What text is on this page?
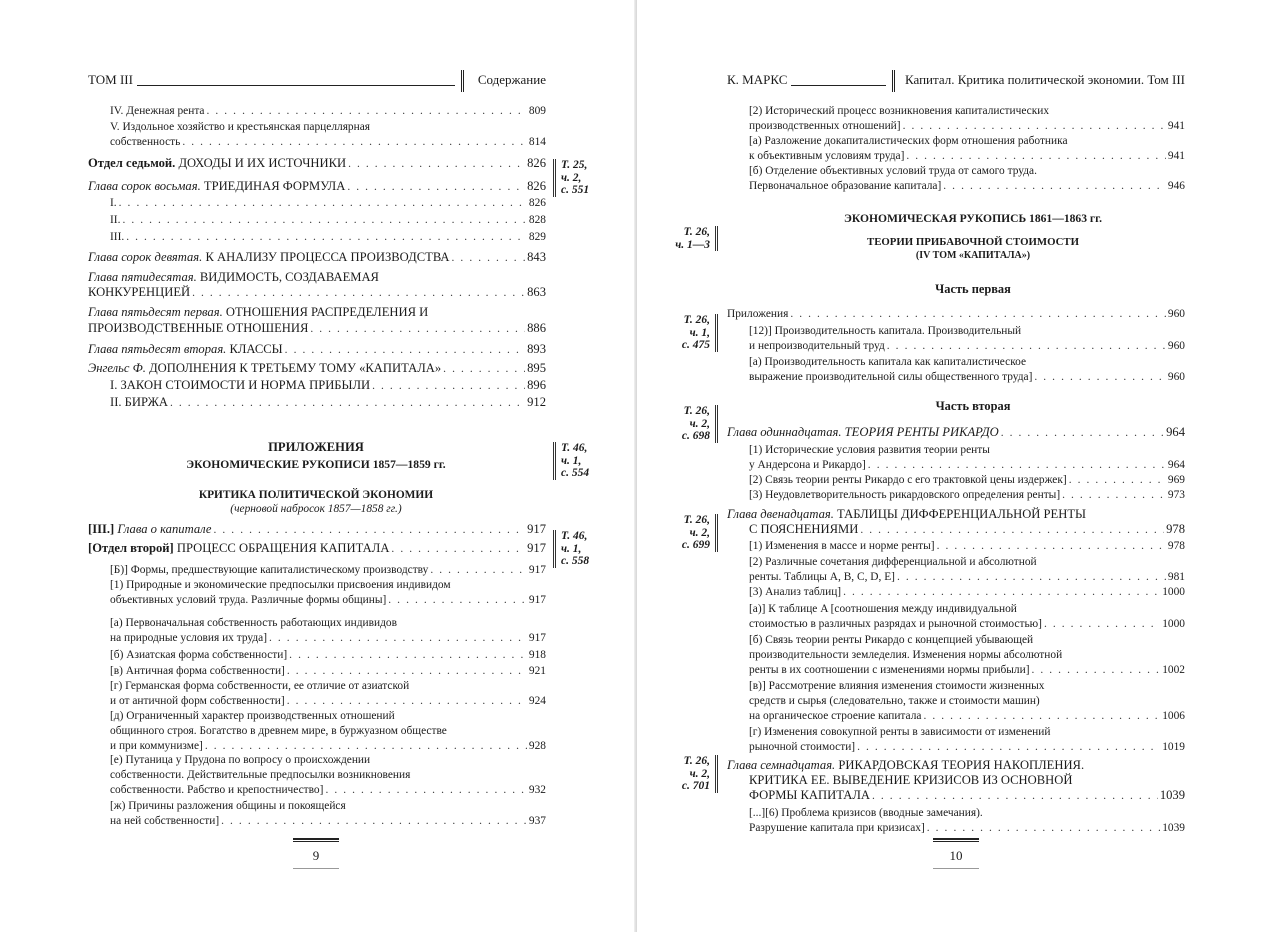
ТОМ III	Содержание
IV. Денежная рента . . .	809
V. Издольное хозяйство и крестьянская парцеллярная
собственность . . .	814
Отдел седьмой. ДОХОДЫ И ИХ ИСТОЧНИКИ . . .	826
Глава сорок восьмая. ТРИЕДИНАЯ ФОРМУЛА . . .	826
I. . . .	826
II. . . .	828
III. . . .	829
Глава сорок девятая. К АНАЛИЗУ ПРОЦЕССА ПРОИЗВОДСТВА . . .	843
Глава пятидесятая. ВИДИМОСТЬ, СОЗДАВАЕМАЯ
КОНКУРЕНЦИЕЙ . . .	863
Глава пятьдесят первая. ОТНОШЕНИЯ РАСПРЕДЕЛЕНИЯ И
ПРОИЗВОДСТВЕННЫЕ ОТНОШЕНИЯ . . .	886
Глава пятьдесят вторая. КЛАССЫ . . .	893
Энгельс Ф. ДОПОЛНЕНИЯ К ТРЕТЬЕМУ ТОМУ «КАПИТАЛА» . . .	895
I. ЗАКОН СТОИМОСТИ И НОРМА ПРИБЫЛИ . . .	896
II. БИРЖА . . .	912
ПРИЛОЖЕНИЯ
ЭКОНОМИЧЕСКИЕ РУКОПИСИ 1857—1859 гг.
КРИТИКА ПОЛИТИЧЕСКОЙ ЭКОНОМИИ
(черновой набросок 1857—1858 гг.)
[III.] Глава о капитале . . .	917
[Отдел второй] ПРОЦЕСС ОБРАЩЕНИЯ КАПИТАЛА . . .	917
[Б)] Формы, предшествующие капиталистическому производству . . .	917
[1) Природные и экономические предпосылки присвоения индивидом
объективных условий труда. Различные формы общины] . . .	917
[а) Первоначальная собственность работающих индивидов
на природные условия их труда] . . .	917
[б) Азиатская форма собственности] . . .	918
[в) Античная форма собственности] . . .	921
[г) Германская форма собственности, ее отличие от азиатской
и от античной форм собственности] . . .	924
[д) Ограниченный характер производственных отношений
общинного строя. Богатство в древнем мире, в буржуазном обществе
и при коммунизме] . . .	928
[е) Путаница у Прудона по вопросу о происхождении
собственности. Действительные предпосылки возникновения
собственности. Рабство и крепостничество] . . .	932
[ж) Причины разложения общины и покоящейся
на ней собственности] . . .	937
Т. 25,
ч. 2,
с. 551
Т. 46,
ч. 1,
с. 554
Т. 46,
ч. 1,
с. 558
9
К. МАРКС	Капитал. Критика политической экономии. Том III
[2) Исторический процесс возникновения капиталистических
производственных отношений] . . .	941
[а) Разложение докапиталистических форм отношения работника
к объективным условиям труда] . . .	941
[б) Отделение объективных условий труда от самого труда.
Первоначальное образование капитала] . . .	946
ЭКОНОМИЧЕСКАЯ РУКОПИСЬ 1861—1863 гг.
ТЕОРИИ ПРИБАВОЧНОЙ СТОИМОСТИ
(IV ТОМ «КАПИТАЛА»)
Часть первая
Приложения . . .	960
[12)] Производительность капитала. Производительный
и непроизводительный труд . . .	960
[а) Производительность капитала как капиталистическое
выражение производительной силы общественного труда] . . .	960
Часть вторая
Глава одиннадцатая. ТЕОРИЯ РЕНТЫ РИКАРДО . . .	964
[1) Исторические условия развития теории ренты
у Андерсона и Рикардо] . . .	964
[2) Связь теории ренты Рикардо с его трактовкой цены издержек] . . .	969
[3) Неудовлетворительность рикардовского определения ренты] . . .	973
Глава двенадцатая. ТАБЛИЦЫ ДИФФЕРЕНЦИАЛЬНОЙ РЕНТЫ
С ПОЯСНЕНИЯМИ . . .	978
[1) Изменения в массе и норме ренты] . . .	978
[2) Различные сочетания дифференциальной и абсолютной
ренты. Таблицы A, B, C, D, E] . . .	981
[3) Анализ таблиц] . . .	1000
[a)] К таблице A [соотношения между индивидуальной
стоимостью в различных разрядах и рыночной стоимостью] . . .	1000
[б) Связь теории ренты Рикардо с концепцией убывающей
производительности земледелия. Изменения нормы абсолютной
ренты в их соотношении с изменениями нормы прибыли] . . .	1002
[в)] Рассмотрение влияния изменения стоимости жизненных
средств и сырья (следовательно, также и стоимости машин)
на органическое строение капитала . . .	1006
[г) Изменения совокупной ренты в зависимости от изменений
рыночной стоимости] . . .	1019
Глава семнадцатая. РИКАРДОВСКАЯ ТЕОРИЯ НАКОПЛЕНИЯ.
КРИТИКА ЕЕ. ВЫВЕДЕНИЕ КРИЗИСОВ ИЗ ОСНОВНОЙ
ФОРМЫ КАПИТАЛА . . .	1039
[...][6) Проблема кризисов (вводные замечания).
Разрушение капитала при кризисах] . . .	1039
Т. 26,
ч. 1—3
Т. 26,
ч. 1,
с. 475
Т. 26,
ч. 2,
с. 698
Т. 26,
ч. 2,
с. 699
Т. 26,
ч. 2,
с. 701
10
